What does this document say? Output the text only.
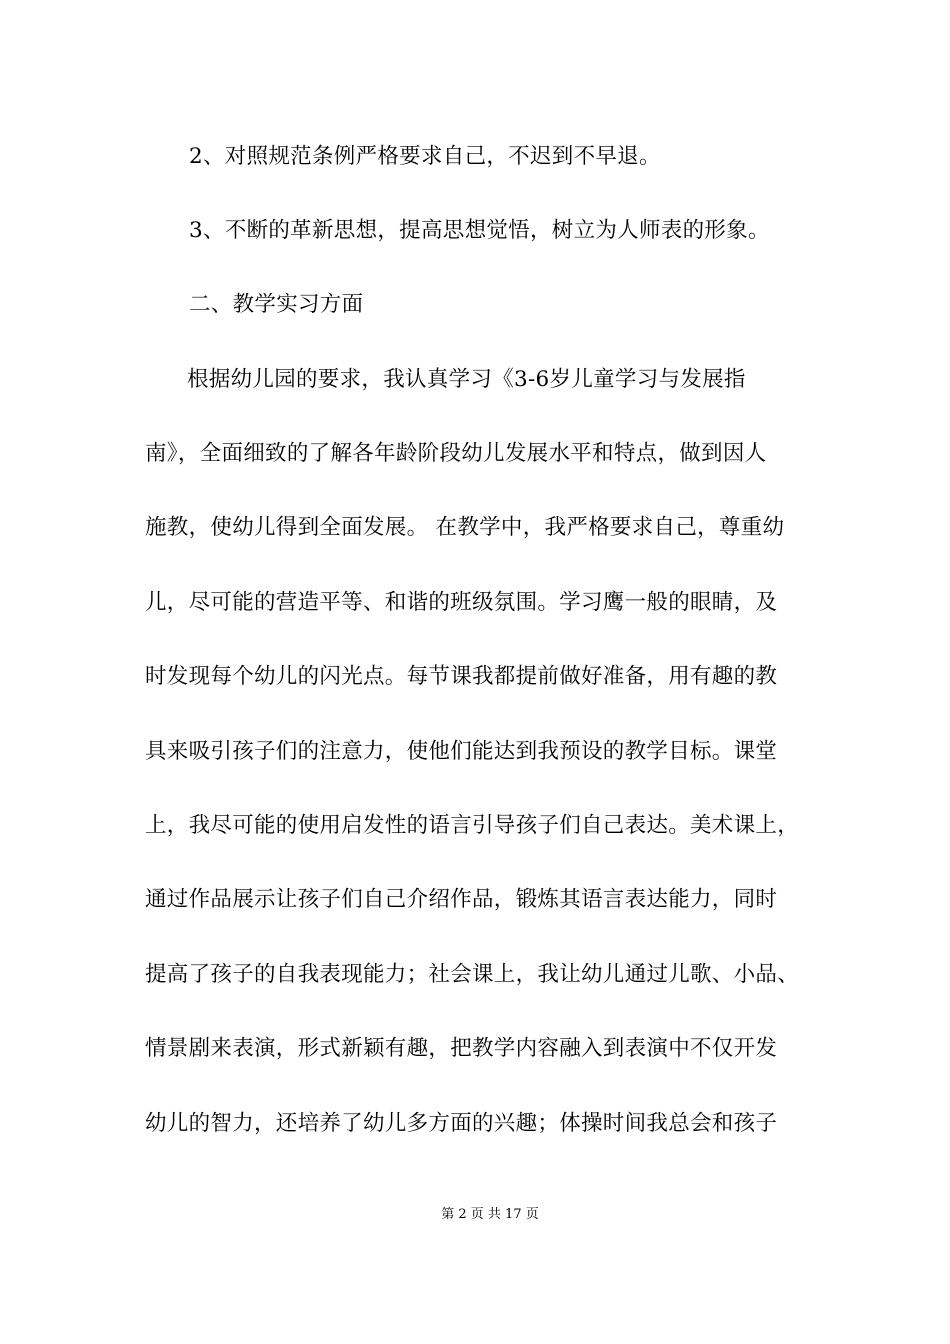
2、对照规范条例严格要求自己，不迟到不早退。
3、不断的革新思想，提高思想觉悟，树立为人师表的形象。
二、教学实习方面
根据幼儿园的要求，我认真学习《3-6岁儿童学习与发展指
南》，全面细致的了解各年龄阶段幼儿发展水平和特点，做到因人
施教，使幼儿得到全面发展。 在教学中，我严格要求自己，尊重幼
儿，尽可能的营造平等、和谐的班级氛围。学习鹰一般的眼睛，及
时发现每个幼儿的闪光点。每节课我都提前做好准备，用有趣的教
具来吸引孩子们的注意力，使他们能达到我预设的教学目标。课堂
上，我尽可能的使用启发性的语言引导孩子们自己表达。美术课上，
通过作品展示让孩子们自己介绍作品，锻炼其语言表达能力，同时
提高了孩子的自我表现能力；社会课上，我让幼儿通过儿歌、小品、
情景剧来表演，形式新颖有趣，把教学内容融入到表演中不仅开发
幼儿的智力，还培养了幼儿多方面的兴趣；体操时间我总会和孩子
第 2 页 共 17 页
